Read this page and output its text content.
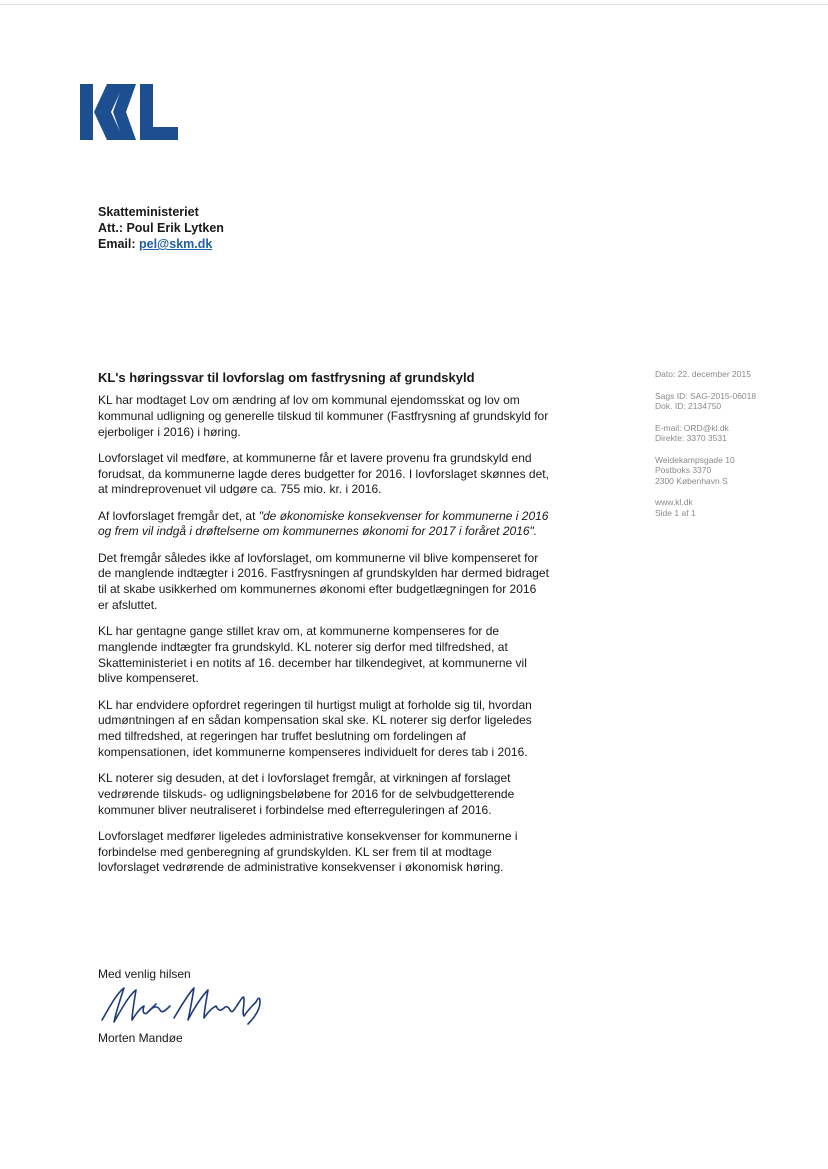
Skatteministeriet
Att.: Poul Erik Lytken
Email: pel@skm.dk
KL's høringssvar til lovforslag om fastfrysning af grundskyld

KL har modtaget Lov om ændring af lov om kommunal ejendomsskat og lov om kommunal udligning og generelle tilskud til kommuner (Fastfrysning af grundskyld for ejerboliger i 2016) i høring.

Lovforslaget vil medføre, at kommunerne får et lavere provenu fra grundskyld end forudsat, da kommunerne lagde deres budgetter for 2016. I lovforslaget skønnes det, at mindreprovenuet vil udgøre ca. 755 mio. kr. i 2016.

Af lovforslaget fremgår det, at "de økonomiske konsekvenser for kommunerne i 2016 og frem vil indgå i drøftelserne om kommunernes økonomi for 2017 i foråret 2016".

Det fremgår således ikke af lovforslaget, om kommunerne vil blive kompenseret for de manglende indtægter i 2016. Fastfrysningen af grundskylden har dermed bidraget til at skabe usikkerhed om kommunernes økonomi efter budgetlægningen for 2016 er afsluttet.

KL har gentagne gange stillet krav om, at kommunerne kompenseres for de manglende indtægter fra grundskyld. KL noterer sig derfor med tilfredshed, at Skatteministeriet i en notits af 16. december har tilkendegivet, at kommunerne vil blive kompenseret.

KL har endvidere opfordret regeringen til hurtigst muligt at forholde sig til, hvordan udmøntningen af en sådan kompensation skal ske. KL noterer sig derfor ligeledes med tilfredshed, at regeringen har truffet beslutning om fordelingen af kompensationen, idet kommunerne kompenseres individuelt for deres tab i 2016.

KL noterer sig desuden, at det i lovforslaget fremgår, at virkningen af forslaget vedrørende tilskuds- og udligningsbeløbene for 2016 for de selvbudgetterende kommuner bliver neutraliseret i forbindelse med efterreguleringen af 2016.

Lovforslaget medfører ligeledes administrative konsekvenser for kommunerne i forbindelse med genberegning af grundskylden. KL ser frem til at modtage lovforslaget vedrørende de administrative konsekvenser i økonomisk høring.

Med venlig hilsen
Morten Mandøe
Dato: 22. december 2015
Sags ID: SAG-2015-06018
Dok. ID: 2134750
E-mail: ORD@kl.dk
Direkte: 3370 3531
Weidekampsgade 10
Postboks 3370
2300 København S
www.kl.dk
Side 1 af 1
